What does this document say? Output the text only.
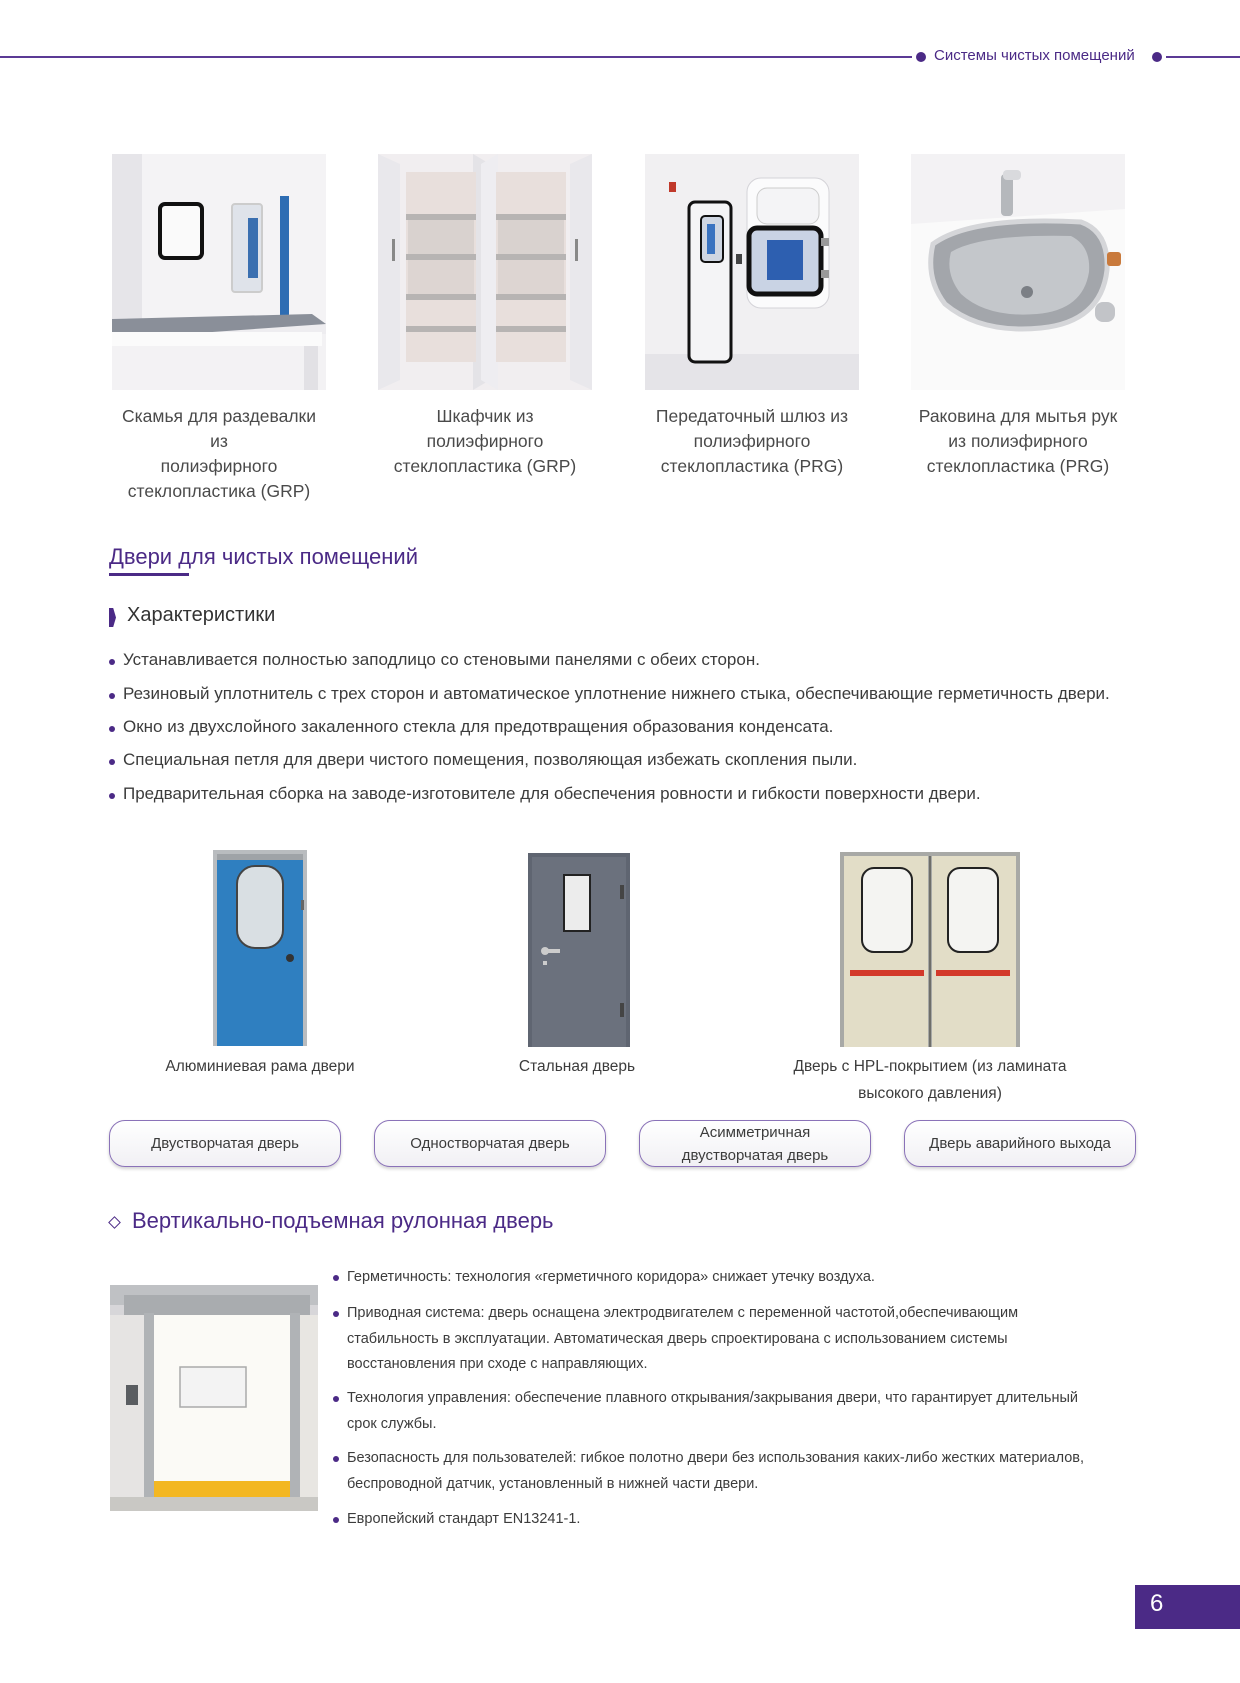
Системы чистых помещений
Скамья для раздевалки из
полиэфирного
стеклопластика (GRP)
Шкафчик из
полиэфирного
стеклопластика (GRP)
Передаточный шлюз из
полиэфирного
стеклопластика (PRG)
Раковина для мытья рук
из полиэфирного
стеклопластика (PRG)
Двери для чистых помещений
Характеристики
Устанавливается полностью заподлицо со стеновыми панелями с обеих сторон.
Резиновый уплотнитель с трех сторон и автоматическое уплотнение нижнего стыка, обеспечивающие герметичность двери.
Окно из двухслойного закаленного стекла для предотвращения образования конденсата.
Специальная петля для двери чистого помещения, позволяющая избежать скопления пыли.
Предварительная сборка на заводе-изготовителе для обеспечения ровности и гибкости поверхности двери.
Алюминиевая рама двери	Стальная дверь	Дверь с HPL-покрытием (из ламината
высокого давления)
Двустворчатая дверь	Одностворчатая дверь
Асимметричная
двустворчатая дверь
Дверь аварийного выхода
Вертикально-подъемная рулонная дверь
Герметичность: технология «герметичного коридора» снижает утечку воздуха.
Приводная система: дверь оснащена электродвигателем с переменной частотой,обеспечивающим
стабильность в эксплуатации. Автоматическая дверь спроектирована с использованием системы
восстановления при сходе с направляющих.
Технология управления: обеспечение плавного открывания/закрывания двери, что гарантирует длительный
срок службы.
Безопасность для пользователей: гибкое полотно двери без использования каких-либо жестких материалов,
беспроводной датчик, установленный в нижней части двери.
Европейский стандарт EN13241-1.
6
